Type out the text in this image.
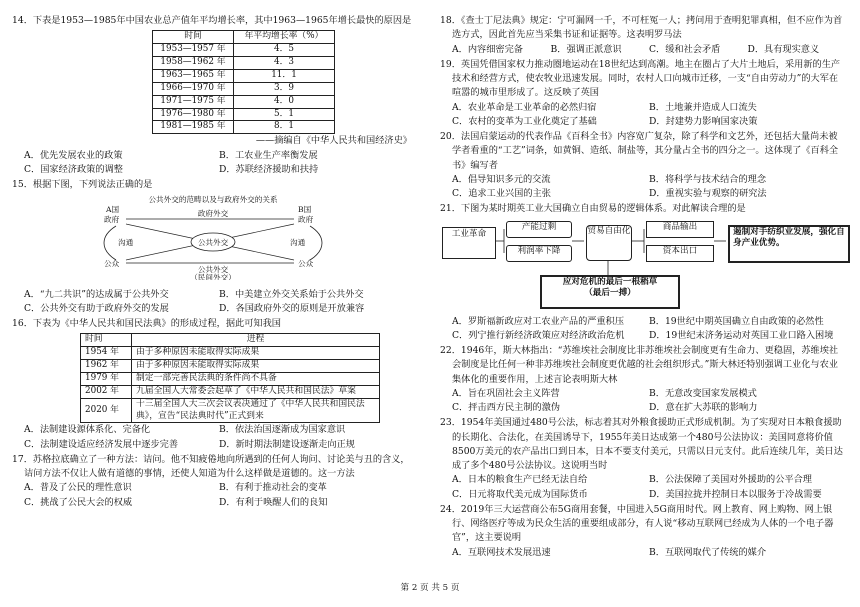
14．下表是1953—1985年中国农业总产值年平均增长率，其中1963—1965年增长最快的原因是
时间	年平均增长率（%）
1953—1957 年	4．5
1958—1962 年	4．3
1963—1965 年	11．1
1966—1970 年	3．9
1971—1975 年	4．0
1976—1980 年	5．1
1981—1985 年	8．1
——摘编自《中华人民共和国经济史》
A．优先发展农业的政策	B．工农业生产率衡发展
C．国家经济政策的调整	D．苏联经济援助和扶持
15．根据下图，下列说法正确的是
公共外交的范畴以及与政府外交的关系
A国	B国
政府	政府
政府外交
沟通	沟通
公共外交
公众	公众
公共外交
（民间外交）
A．“九二共识”的达成属于公共外交	B．中美建立外交关系始于公共外交
C．公共外交有助于政府外交的发展	D．各国政府外交的原则是开放兼容
16．下表为《中华人民共和国民法典》的形成过程，据此可知我国
时间	进程
1954 年	由于多种原因未能取得实际成果
1962 年	由于多种原因未能取得实际成果
1979 年	制定一部完善民法典的条件尚不具备
2002 年	九届全国人大常委会起草了《中华人民共和国民法》草案
2020 年	十三届全国人大三次会议表决通过了《中华人民共和国民法典》，宣告“民法典时代”正式到来
A．法制建设源体系化、完备化	B．依法治国逐渐成为国家意识
C．法制建设适应经济发展中逐步完善	D．新时期法制建设逐渐走向正规
17．苏格拉底确立了一种方法：诘问。他不知疲倦地向所遇到的任何人询问、讨论美与丑的含义，诘问方法不仅让人做有道德的事情，还使人知道为什么这样做是道德的。这一方法
A．普及了公民的理性意识	B．有利于推动社会的变革
C．挑战了公民大会的权威	D．有利于唤醒人们的良知
18．《查士丁尼法典》规定：宁可漏网一千，不可枉冤一人；拷问用于查明犯罪真相，但不应作为首选方式，因此首先应当采集书证和证据等。这表明罗马法
A．内容细密完备	B．强调正派意识	C．缓和社会矛盾	D．具有现实意义
19．英国凭借国家权力推动圈地运动在18世纪达到高潮。地主在圈占了大片土地后，采用新的生产技术和经营方式，使农牧业迅速发展。同时，农村人口向城市迁移，一支“自由劳动力”的大军在喧嚣的城市里形成了。这反映了英国
A．农业革命是工业革命的必然归宿	B．土地兼并造成人口流失
C．农村的变革为工业化奠定了基础	D．封建势力影响国家决策
20．法国启蒙运动的代表作品《百科全书》内容宽广复杂，除了科学和文艺外，还包括大量尚未被学者看重的“工艺”词条，如黄铜、造纸、制盐等，其分量占全书的四分之一。这体现了《百科全书》编写者
A．倡导知识多元的交流	B．将科学与技术结合的理念
C．追求工业兴国的主张	D．重视实验与观察的研究法
21．下图为某时期英工业大国确立自由贸易的逻辑体系。对此解读合理的是
工业革命
产能过剩
利润率下降
贸易自由化	商品输出
资本出口
遏制对手纺织业发展，强化自身产业优势。
应对危机的最后一根稻草
（最后一搏）
A．罗斯福新政应对工农业产品的严重积压	B．19世纪中期英国确立自由政策的必然性
C．列宁推行新经济政策应对经济政治危机	D．19世纪末济务运动对英国工业口路入困境
22．1946年，斯大林指出：“苏维埃社会制度比非苏维埃社会制度更有生命力、更稳固，苏维埃社会制度是比任何一种非苏维埃社会制度更优越的社会组织形式。”斯大林还特别强调工业化与农业集体化的重要作用，上述言论表明斯大林
A．旨在巩固社会主义阵营	B．无意改变国家发展模式
C．抨击西方民主制的激伪	D．意在扩大苏联的影响力
23．1954年美国通过480号公法，标志着其对外粮食援助正式形成机制。为了实现对日本粮食援助的长期化、合法化，在美国诱导下，1955年美日达成第一个480号公法协议：美国同意将价值8500万美元的农产品出口到日本，日本不要支付美元，只需以日元支付。此后连续几年，美日达成了多个480号公法协议。这说明当时
A．日本的粮食生产已经无法自给	B．公法保障了美国对外援助的公平合理
C．日元将取代美元成为国际货币	D．美国拉拢并控制日本以服务于冷战需要
24．2019年三大运营商公布5G商用套餐，中国进入5G商用时代。网上教育、网上购物、网上银行、网络医疗等成为民众生活的重要组成部分，有人说“移动互联网已经成为人体的一个电子器官”，这主要说明
A．互联网技术发展迅速	B．互联网取代了传统的媒介
第 2 页 共 5 页
